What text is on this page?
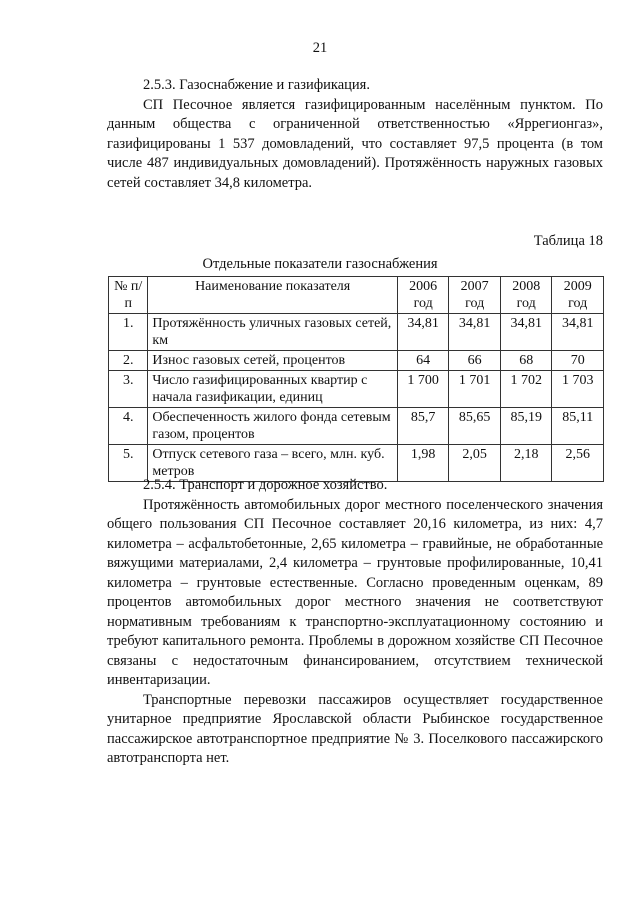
21

2.5.3. Газоснабжение и газификация.

СП Песочное является газифицированным населённым пунктом. По данным общества с ограниченной ответственностью «Яррегионгаз», газифицированы 1 537 домовладений, что составляет 97,5 процента (в том числе 487 индивидуальных домовладений). Протяжённость наружных газовых сетей составляет 34,8 километра.

Таблица 18
Отдельные показатели газоснабжения
№ п/п	Наименование показателя	2006 год	2007 год	2008 год	2009 год
1.	Протяжённость уличных газовых сетей, км	34,81	34,81	34,81	34,81
2.	Износ газовых сетей, процентов	64	66	68	70
3.	Число газифицированных квартир с начала газификации, единиц	1 700	1 701	1 702	1 703
4.	Обеспеченность жилого фонда сетевым газом, процентов	85,7	85,65	85,19	85,11
5.	Отпуск сетевого газа – всего, млн. куб. метров	1,98	2,05	2,18	2,56

2.5.4. Транспорт и дорожное хозяйство.

Протяжённость автомобильных дорог местного поселенческого значения общего пользования СП Песочное составляет 20,16 километра, из них: 4,7 километра – асфальтобетонные, 2,65 километра – гравийные, не обработанные вяжущими материалами, 2,4 километра – грунтовые профилированные, 10,41 километра – грунтовые естественные. Согласно проведенным оценкам, 89 процентов автомобильных дорог местного значения не соответствуют нормативным требованиям к транспортно-эксплуатационному состоянию и требуют капитального ремонта. Проблемы в дорожном хозяйстве СП Песочное связаны с недостаточным финансированием, отсутствием технической инвентаризации.

Транспортные перевозки пассажиров осуществляет государственное унитарное предприятие Ярославской области Рыбинское государственное пассажирское автотранспортное предприятие № 3. Поселкового пассажирского автотранспорта нет.
